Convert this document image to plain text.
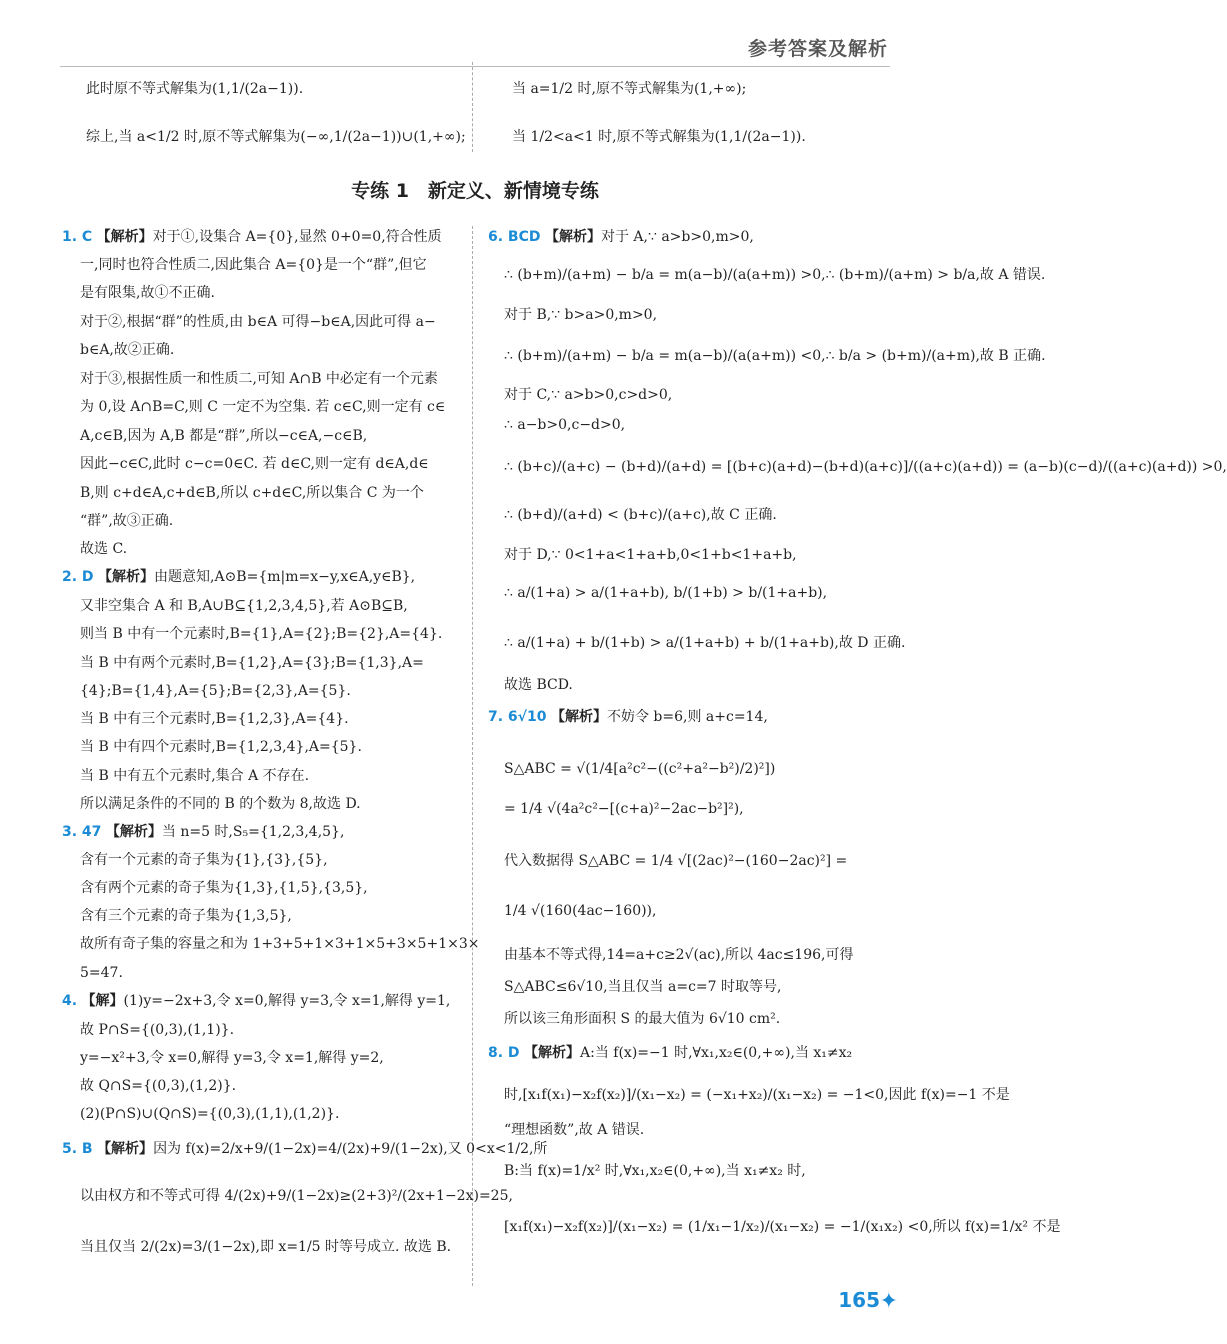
参考答案及解析
此时原不等式解集为(1,1/(2a−1)).
综上,当 a<1/2 时,原不等式解集为(−∞,1/(2a−1))∪(1,+∞);
当 a=1/2 时,原不等式解集为(1,+∞);
当 1/2<a<1 时,原不等式解集为(1,1/(2a−1)).
专练 1　新定义、新情境专练
1. C 【解析】对于①,设集合 A={0},显然 0+0=0,符合性质
一,同时也符合性质二,因此集合 A={0}是一个“群”,但它
是有限集,故①不正确.
对于②,根据“群”的性质,由 b∈A 可得−b∈A,因此可得 a−
b∈A,故②正确.
对于③,根据性质一和性质二,可知 A∩B 中必定有一个元素
为 0,设 A∩B=C,则 C 一定不为空集. 若 c∈C,则一定有 c∈
A,c∈B,因为 A,B 都是“群”,所以−c∈A,−c∈B,
因此−c∈C,此时 c−c=0∈C. 若 d∈C,则一定有 d∈A,d∈
B,则 c+d∈A,c+d∈B,所以 c+d∈C,所以集合 C 为一个
“群”,故③正确.
故选 C.
2. D 【解析】由题意知,A⊙B={m|m=x−y,x∈A,y∈B},
又非空集合 A 和 B,A∪B⊆{1,2,3,4,5},若 A⊙B⊆B,
则当 B 中有一个元素时,B={1},A={2};B={2},A={4}.
当 B 中有两个元素时,B={1,2},A={3};B={1,3},A=
{4};B={1,4},A={5};B={2,3},A={5}.
当 B 中有三个元素时,B={1,2,3},A={4}.
当 B 中有四个元素时,B={1,2,3,4},A={5}.
当 B 中有五个元素时,集合 A 不存在.
所以满足条件的不同的 B 的个数为 8,故选 D.
3. 47 【解析】当 n=5 时,S₅={1,2,3,4,5},
含有一个元素的奇子集为{1},{3},{5},
含有两个元素的奇子集为{1,3},{1,5},{3,5},
含有三个元素的奇子集为{1,3,5},
故所有奇子集的容量之和为 1+3+5+1×3+1×5+3×5+1×3×
5=47.
4. 【解】(1)y=−2x+3,令 x=0,解得 y=3,令 x=1,解得 y=1,
故 P∩S={(0,3),(1,1)}.
y=−x²+3,令 x=0,解得 y=3,令 x=1,解得 y=2,
故 Q∩S={(0,3),(1,2)}.
(2)(P∩S)∪(Q∩S)={(0,3),(1,1),(1,2)}.
5. B 【解析】因为 f(x)=2/x+9/(1−2x)=4/(2x)+9/(1−2x),又 0<x<1/2,所
以由权方和不等式可得 4/(2x)+9/(1−2x)≥(2+3)²/(2x+1−2x)=25,
当且仅当 2/(2x)=3/(1−2x),即 x=1/5 时等号成立. 故选 B.
6. BCD 【解析】对于 A,∵ a>b>0,m>0,
∴ (b+m)/(a+m) − b/a = m(a−b)/(a(a+m)) >0,∴ (b+m)/(a+m) > b/a,故 A 错误.
对于 B,∵ b>a>0,m>0,
∴ (b+m)/(a+m) − b/a = m(a−b)/(a(a+m)) <0,∴ b/a > (b+m)/(a+m),故 B 正确.
对于 C,∵ a>b>0,c>d>0,
∴ a−b>0,c−d>0,
∴ (b+c)/(a+c) − (b+d)/(a+d) = [(b+c)(a+d)−(b+d)(a+c)]/((a+c)(a+d)) = (a−b)(c−d)/((a+c)(a+d)) >0,
∴ (b+d)/(a+d) < (b+c)/(a+c),故 C 正确.
对于 D,∵ 0<1+a<1+a+b,0<1+b<1+a+b,
∴ a/(1+a) > a/(1+a+b), b/(1+b) > b/(1+a+b),
∴ a/(1+a) + b/(1+b) > a/(1+a+b) + b/(1+a+b),故 D 正确.
故选 BCD.
7. 6√10 【解析】不妨令 b=6,则 a+c=14,
S△ABC = √(1/4[a²c²−((c²+a²−b²)/2)²])
= 1/4 √(4a²c²−[(c+a)²−2ac−b²]²),
代入数据得 S△ABC = 1/4 √[(2ac)²−(160−2ac)²] =
1/4 √(160(4ac−160)),
由基本不等式得,14=a+c≥2√(ac),所以 4ac≤196,可得
S△ABC≤6√10,当且仅当 a=c=7 时取等号,
所以该三角形面积 S 的最大值为 6√10 cm².
8. D 【解析】A:当 f(x)=−1 时,∀x₁,x₂∈(0,+∞),当 x₁≠x₂
时,[x₁f(x₁)−x₂f(x₂)]/(x₁−x₂) = (−x₁+x₂)/(x₁−x₂) = −1<0,因此 f(x)=−1 不是
“理想函数”,故 A 错误.
B:当 f(x)=1/x² 时,∀x₁,x₂∈(0,+∞),当 x₁≠x₂ 时,
[x₁f(x₁)−x₂f(x₂)]/(x₁−x₂) = (1/x₁−1/x₂)/(x₁−x₂) = −1/(x₁x₂) <0,所以 f(x)=1/x² 不是
165 ✦
